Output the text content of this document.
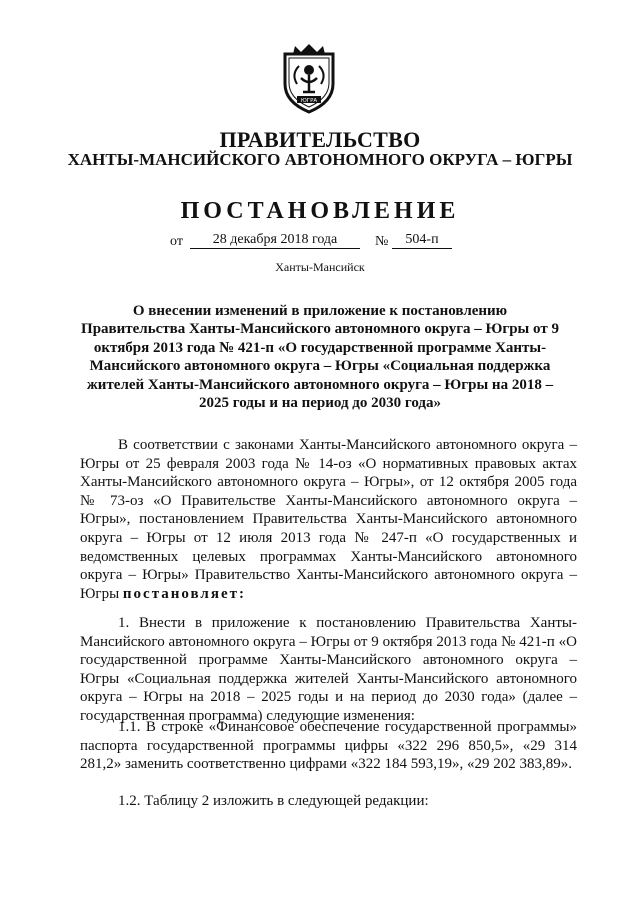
ЮГРА
ПРАВИТЕЛЬСТВО
ХАНТЫ-МАНСИЙСКОГО АВТОНОМНОГО ОКРУГА – ЮГРЫ
ПОСТАНОВЛЕНИЕ
от	28 декабря 2018 года	№	504-п
Ханты-Мансийск
О внесении изменений в приложение к постановлению Правительства Ханты-Мансийского автономного округа – Югры от 9 октября 2013 года № 421-п «О государственной программе Ханты-Мансийского автономного округа – Югры «Социальная поддержка жителей Ханты-Мансийского автономного округа – Югры на 2018 – 2025 годы и на период до 2030 года»
В соответствии с законами Ханты-Мансийского автономного округа – Югры от 25 февраля 2003 года № 14-оз «О нормативных правовых актах Ханты-Мансийского автономного округа – Югры», от 12 октября 2005 года № 73-оз «О Правительстве Ханты-Мансийского автономного округа – Югры», постановлением Правительства Ханты-Мансийского автономного округа – Югры от 12 июля 2013 года № 247-п «О государственных и ведомственных целевых программах Ханты-Мансийского автономного округа – Югры» Правительство Ханты-Мансийского автономного округа – Югры постановляет:
1. Внести в приложение к постановлению Правительства Ханты-Мансийского автономного округа – Югры от 9 октября 2013 года № 421-п «О государственной программе Ханты-Мансийского автономного округа – Югры «Социальная поддержка жителей Ханты-Мансийского автономного округа – Югры на 2018 – 2025 годы и на период до 2030 года» (далее – государственная программа) следующие изменения:
1.1. В строке «Финансовое обеспечение государственной программы» паспорта государственной программы цифры «322 296 850,5», «29 314 281,2» заменить соответственно цифрами «322 184 593,19», «29 202 383,89».
1.2. Таблицу 2 изложить в следующей редакции:
